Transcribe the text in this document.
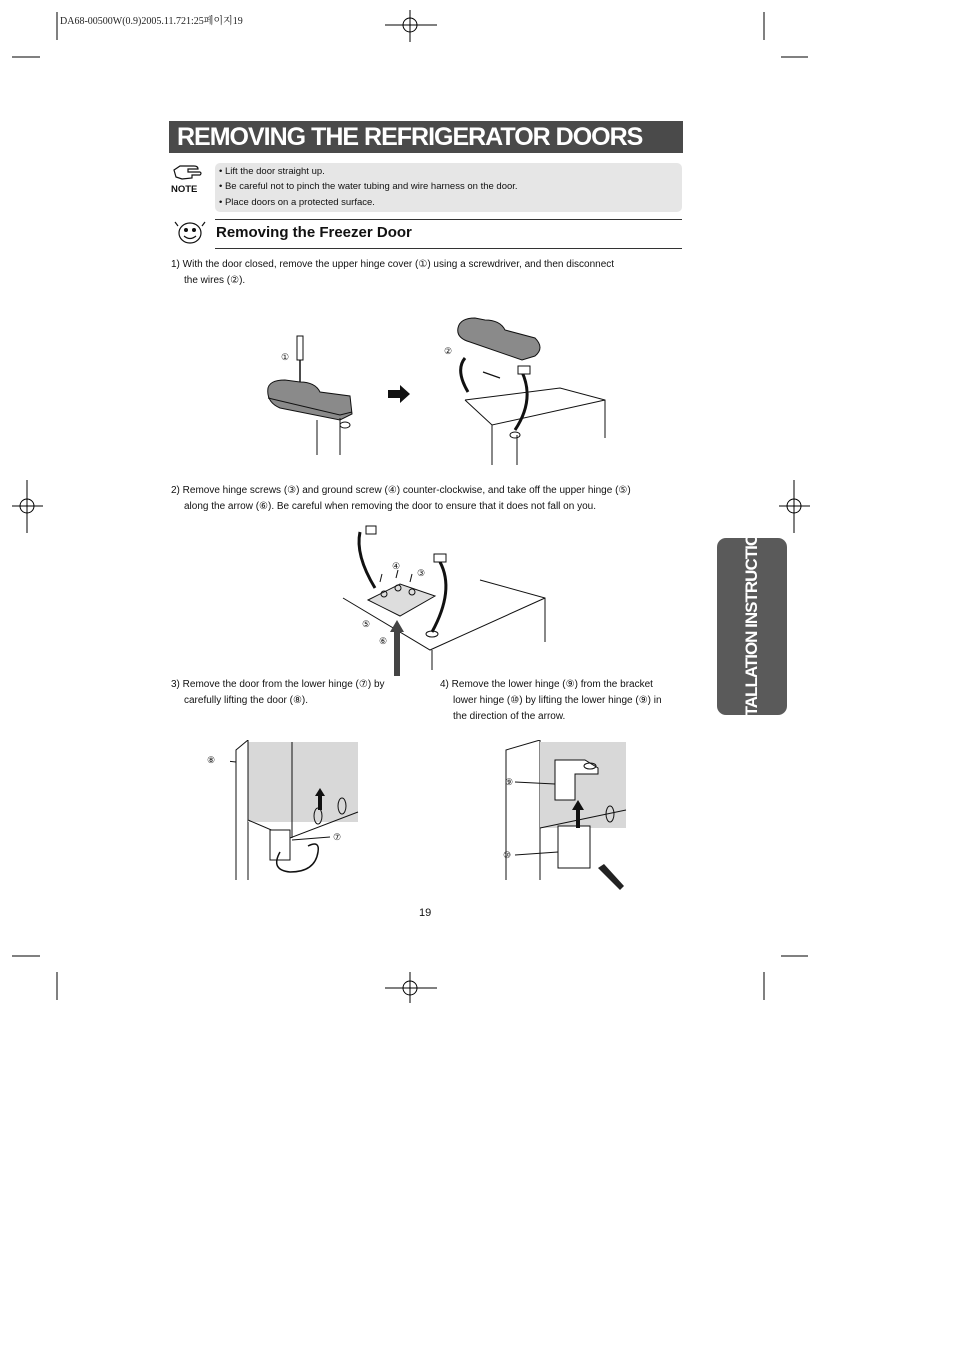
DA68-00500W(0.9)2005.11.721:25페이지19
REMOVING THE REFRIGERATOR DOORS
NOTE
• Lift the door straight up.
• Be careful not to pinch the water tubing and wire harness on the door.
• Place doors on a protected surface.
Removing the Freezer Door
1) With the door closed, remove the upper hinge cover (①) using a screwdriver, and then disconnect
the wires (②).
①
②
2) Remove hinge screws (③) and ground screw (④) counter-clockwise, and take off the upper hinge (⑤)
along the arrow (⑥). Be careful when removing the door to ensure that it does not fall on you.
④
③
⑤
⑥
3) Remove the door from the lower hinge (⑦) by
carefully lifting the door (⑧).
4) Remove the lower hinge (⑨) from the bracket
lower hinge (⑩) by lifting the lower hinge (⑨) in
the direction of the arrow.
⑧
⑦
⑨
⑩
INSTALLATION INSTRUCTIONS
19
